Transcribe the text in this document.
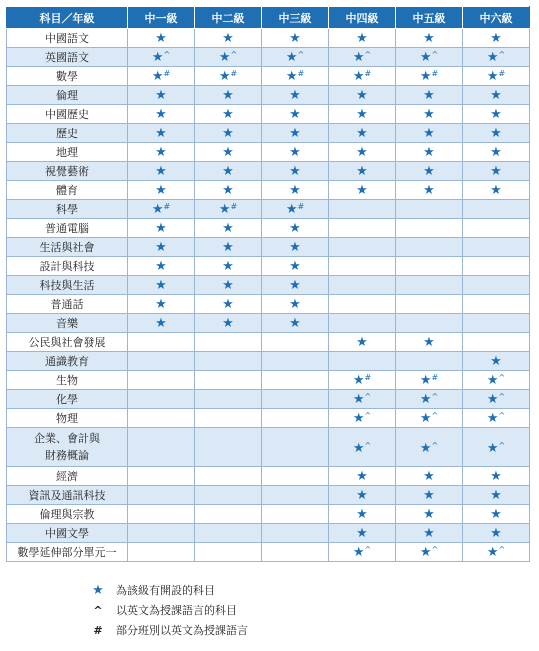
科目／年級	中一級	中二級	中三級	中四級	中五級	中六級
中國語文	★	★	★	★	★	★
英國語文	★^	★^	★^	★^	★^	★^
數學	★#	★#	★#	★#	★#	★#
倫理	★	★	★	★	★	★
中國歷史	★	★	★	★	★	★
歷史	★	★	★	★	★	★
地理	★	★	★	★	★	★
視覺藝術	★	★	★	★	★	★
體育	★	★	★	★	★	★
科學	★#	★#	★#			
普通電腦	★	★	★			
生活與社會	★	★	★			
設計與科技	★	★	★			
科技與生活	★	★	★			
普通話	★	★	★			
音樂	★	★	★			
公民與社會發展				★	★	
通識教育						★
生物				★#	★#	★^
化學				★^	★^	★^
物理				★^	★^	★^
企業、會計與
財務概論				★^	★^	★^
經濟				★	★	★
資訊及通訊科技				★	★	★
倫理與宗教				★	★	★
中國文學				★	★	★
數學延伸部分單元一				★^	★^	★^
★	為該級有開設的科目
^	以英文為授課語言的科目
#	部分班別以英文為授課語言
